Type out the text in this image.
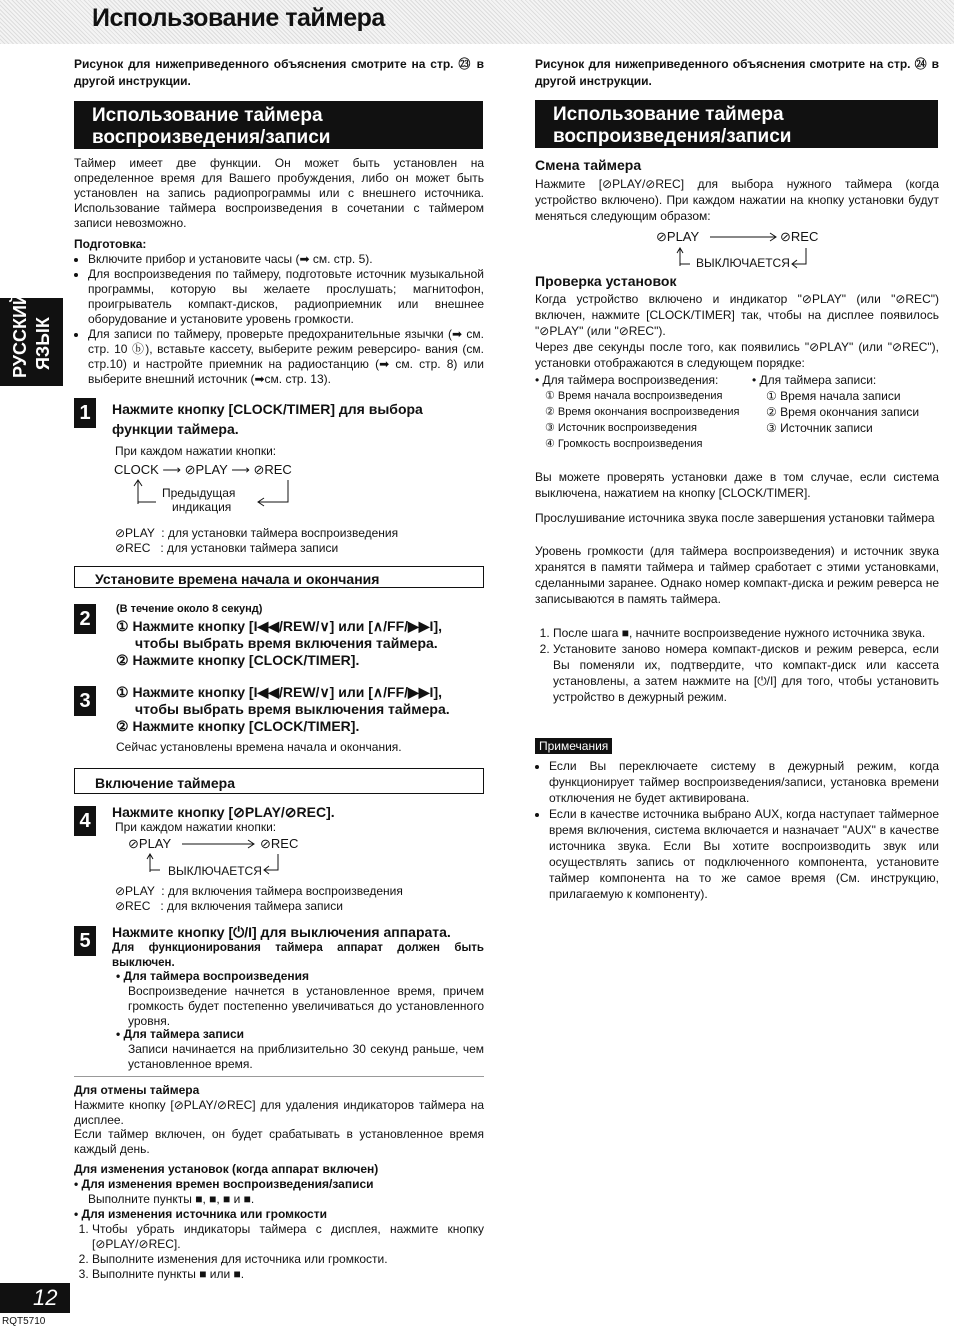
Использование таймера
РУССКИЙ ЯЗЫК
Рисунок для нижеприведенного объяснения смотрите на стр. ㉓ в другой инструкции.
Использование таймера
воспроизведения/записи
Таймер имеет две функции. Он может быть установлен на определенное время для Вашего пробуждения, либо он может быть установлен на запись радиопрограммы или с внешнего источника. Использование таймера воспроизведения в сочетании с таймером записи невозможно.
Подготовка:
• Включите прибор и установите часы (➡ см. стр. 5).
• Для воспроизведения по таймеру, подготовьте источник музыкальной программы, которую вы желаете прослушать; магнитофон, проигрыватель компакт-дисков, радиоприемник или внешнее оборудование и установите уровень громкости.
• Для записи по таймеру, проверьте предохранительные язычки (➡ см. стр. 10 ⓑ), вставьте кассету, выберите режим реверсиро- вания (см. стр.10) и настройте приемник на радиостанцию (➡ см. стр. 8) или выберите внешний источник (➡см. стр. 13).
1	Нажмите кнопку [CLOCK/TIMER] для выбора функции таймера.
При каждом нажатии кнопки:
CLOCK ⟶ ⊘PLAY ⟶ ⊘REC
Предыдущая
индикация
⊘PLAY  : для установки таймера воспроизведения
⊘REC   : для установки таймера записи
Установите времена начала и окончания
2	(В течение около 8 секунд)
① Нажмите кнопку [I◀◀/REW/∨] или [∧/FF/▶▶I],
чтобы выбрать время включения таймера.
② Нажмите кнопку [CLOCK/TIMER].
3	① Нажмите кнопку [I◀◀/REW/∨] или [∧/FF/▶▶I],
чтобы выбрать время выключения таймера.
② Нажмите кнопку [CLOCK/TIMER].
Сейчас установлены времена начала и окончания.
Включение таймера
4	Нажмите кнопку [⊘PLAY/⊘REC].
При каждом нажатии кнопки:
⊘PLAY	⊘REC
ВЫКЛЮЧАЕТСЯ
⊘PLAY  : для включения таймера воспроизведения
⊘REC   : для включения таймера записи
5	Нажмите кнопку [⏻/I] для выключения аппарата.
Для функционирования таймера аппарат должен быть выключен.
• Для таймера воспроизведения
Воспроизведение начнется в установленное время, причем громкость будет постепенно увеличиваться до установленного уровня.
• Для таймера записи
Записи начинается на приблизительно 30 секунд раньше, чем установленное время.
Для отмены таймера
Нажмите кнопку [⊘PLAY/⊘REC] для удаления индикаторов таймера на дисплее.
Если таймер включен, он будет срабатывать в установленное время каждый день.
Для изменения установок (когда аппарат включен)
• Для изменения времен воспроизведения/записи
Выполните пункты ■, ■, ■ и ■.
• Для изменения источника или громкости
1. Чтобы убрать индикаторы таймера с дисплея, нажмите кнопку [⊘PLAY/⊘REC].
2. Выполните изменения для источника или громкости.
3. Выполните пункты ■ или ■.
12
RQT5710
Рисунок для нижеприведенного объяснения смотрите на стр. ㉔ в другой инструкции.
Использование таймера
воспроизведения/записи
Смена таймера
Нажмите [⊘PLAY/⊘REC] для выбора нужного таймера (когда устройство включено). При каждом нажатии на кнопку установки будут меняться следующим образом:
⊘PLAY	⊘REC
ВЫКЛЮЧАЕТСЯ
Проверка установок
Когда устройство включено и индикатор "⊘PLAY" (или "⊘REC") включен, нажмите [CLOCK/TIMER] так, чтобы на дисплее появилось "⊘PLAY" (или "⊘REC").
Через две секунды после того, как появились "⊘PLAY" (или "⊘REC"), установки отображаются в следующем порядке:
• Для таймера воспроизведения:
① Время начала воспроизведения
② Время окончания воспроизведения
③ Источник воспроизведения
④ Громкость воспроизведения
• Для таймера записи:
① Время начала записи
② Время окончания записи
③ Источник записи
Вы можете проверять установки даже в том случае, если система выключена, нажатием на кнопку [CLOCK/TIMER].
Прослушивание источника звука после завершения установки таймера
Уровень громкости (для таймера воспроизведения) и источник звука хранятся в памяти таймера и таймер сработает с этими установками, сделанными заранее. Однако номер компакт-диска и режим реверса не записываются в память таймера.
1. После шага ■, начните воспроизведение нужного источника звука.
2. Установите заново номера компакт-дисков и режим реверса, если Вы поменяли их, подтвердите, что компакт-диск или кассета установлены, а затем нажмите на [⏻/I] для того, чтобы установить устройство в дежурный режим.
Примечания
• Если Вы переключаете систему в дежурный режим, когда функционирует таймер воспроизведения/записи, установка времени отключения не будет активирована.
• Если в качестве источника выбрано AUX, когда наступает таймерное время включения, система включается и назначает "AUX" в качестве источника звука. Если Вы хотите воспроизводить звук или осуществлять запись от подключенного компонента, установите таймер компонента на то же самое время (См. инструкцию, прилагаемую к компоненту).
